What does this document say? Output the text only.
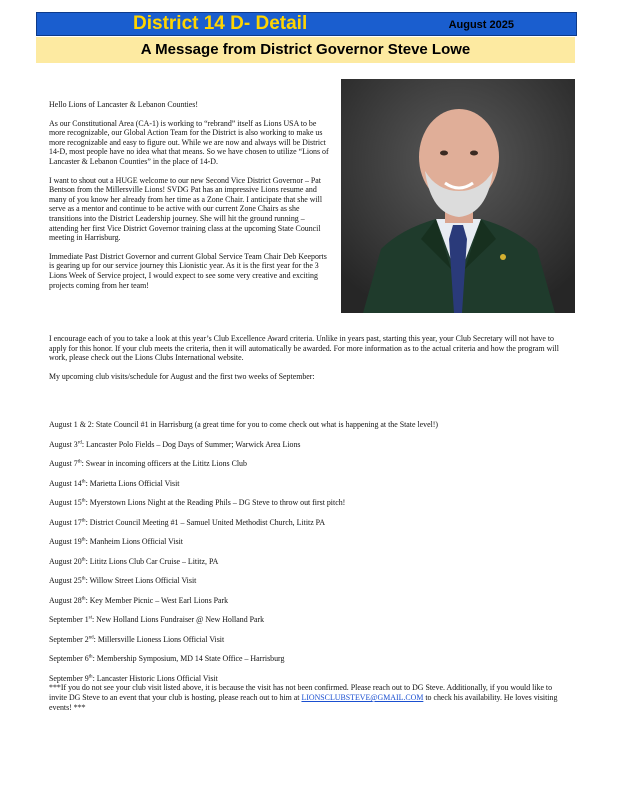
District 14 D- Detail	August 2025
A Message from District Governor Steve Lowe

Hello Lions of Lancaster & Lebanon Counties!

As our Constitutional Area (CA-1) is working to “rebrand” itself as Lions USA to be more recognizable, our Global Action Team for the District is also working to make us more recognizable and easy to figure out. While we are now and always will be District 14-D, most people have no idea what that means. So we have chosen to utilize “Lions of Lancaster & Lebanon Counties” in the place of 14-D.

I want to shout out a HUGE welcome to our new Second Vice District Governor – Pat Bentson from the Millersville Lions! SVDG Pat has an impressive Lions resume and many of you know her already from her time as a Zone Chair. I anticipate that she will serve as a mentor and continue to be active with our current Zone Chairs as she transitions into the District Leadership journey. She will hit the ground running – attending her first Vice District Governor training class at the upcoming State Council meeting in Harrisburg.

Immediate Past District Governor and current Global Service Team Chair Deb Keeports is gearing up for our service journey this Lionistic year. As it is the first year for the 3 Lions Week of Service project, I would expect to see some very creative and exciting projects coming from her team!

I encourage each of you to take a look at this year’s Club Excellence Award criteria. Unlike in years past, starting this year, your Club Secretary will not have to apply for this honor. If your club meets the criteria, then it will automatically be awarded. For more information as to the actual criteria and how the program will work, please check out the Lions Clubs International website.

My upcoming club visits/schedule for August and the first two weeks of September:

August 1 & 2: State Council #1 in Harrisburg (a great time for you to come check out what is happening at the State level!)
August 3rd: Lancaster Polo Fields – Dog Days of Summer; Warwick Area Lions
August 7th: Swear in incoming officers at the Lititz Lions Club
August 14th: Marietta Lions Official Visit
August 15th: Myerstown Lions Night at the Reading Phils – DG Steve to throw out first pitch!
August 17th: District Council Meeting #1 – Samuel United Methodist Church, Lititz PA
August 19th: Manheim Lions Official Visit
August 20th: Lititz Lions Club Car Cruise – Lititz, PA
August 25th: Willow Street Lions Official Visit
August 28th: Key Member Picnic – West Earl Lions Park
September 1st: New Holland Lions Fundraiser @ New Holland Park
September 2nd: Millersville Lioness Lions Official Visit
September 6th: Membership Symposium, MD 14 State Office – Harrisburg
September 9th: Lancaster Historic Lions Official Visit
***If you do not see your club visit listed above, it is because the visit has not been confirmed. Please reach out to DG Steve. Additionally, if you would like to invite DG Steve to an event that your club is hosting, please reach out to him at LIONSCLUBSTEVE@GMAIL.COM to check his availability. He loves visiting events! ***
